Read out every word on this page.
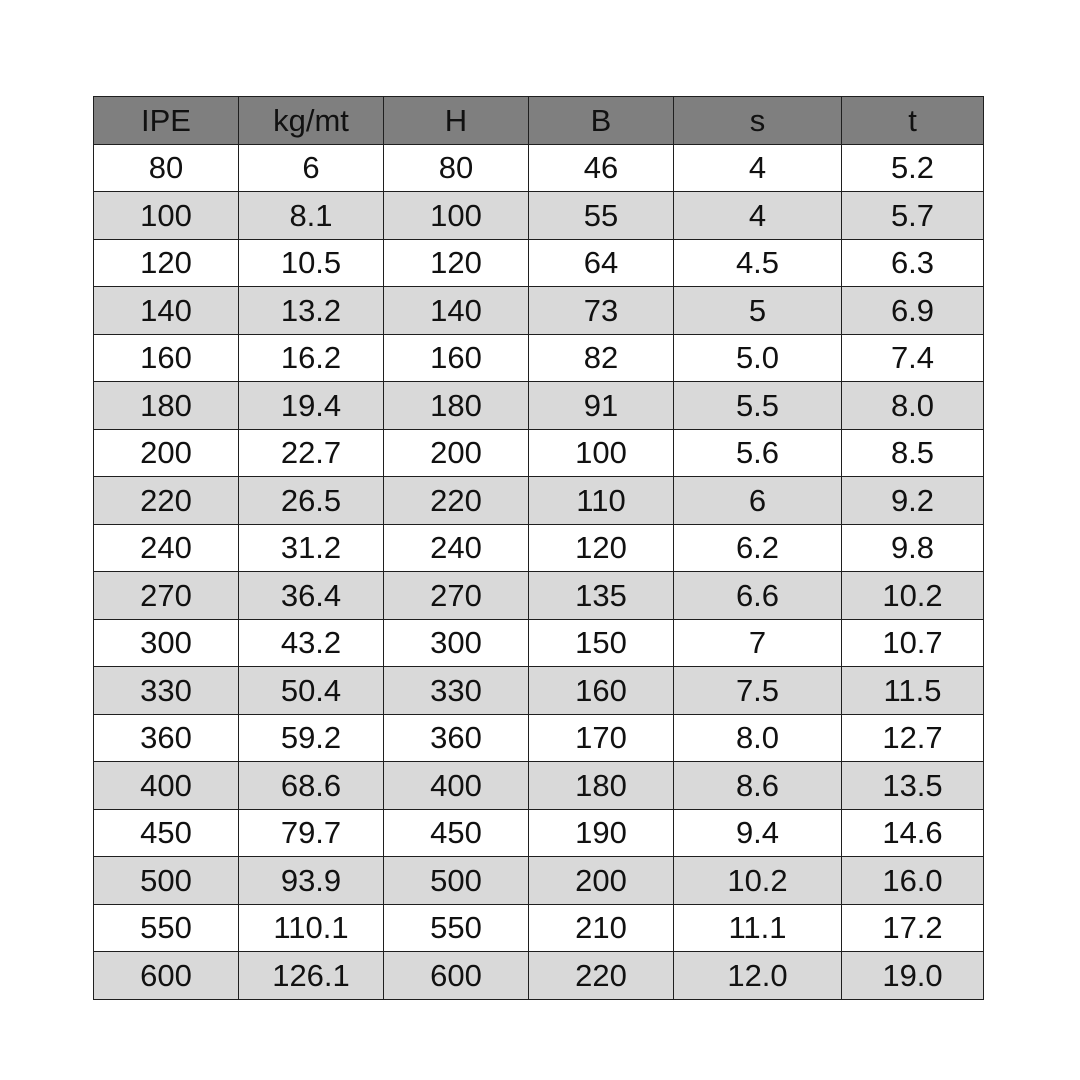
IPE	kg/mt	H	B	s	t
80	6	80	46	4	5.2
100	8.1	100	55	4	5.7
120	10.5	120	64	4.5	6.3
140	13.2	140	73	5	6.9
160	16.2	160	82	5.0	7.4
180	19.4	180	91	5.5	8.0
200	22.7	200	100	5.6	8.5
220	26.5	220	110	6	9.2
240	31.2	240	120	6.2	9.8
270	36.4	270	135	6.6	10.2
300	43.2	300	150	7	10.7
330	50.4	330	160	7.5	11.5
360	59.2	360	170	8.0	12.7
400	68.6	400	180	8.6	13.5
450	79.7	450	190	9.4	14.6
500	93.9	500	200	10.2	16.0
550	110.1	550	210	11.1	17.2
600	126.1	600	220	12.0	19.0
